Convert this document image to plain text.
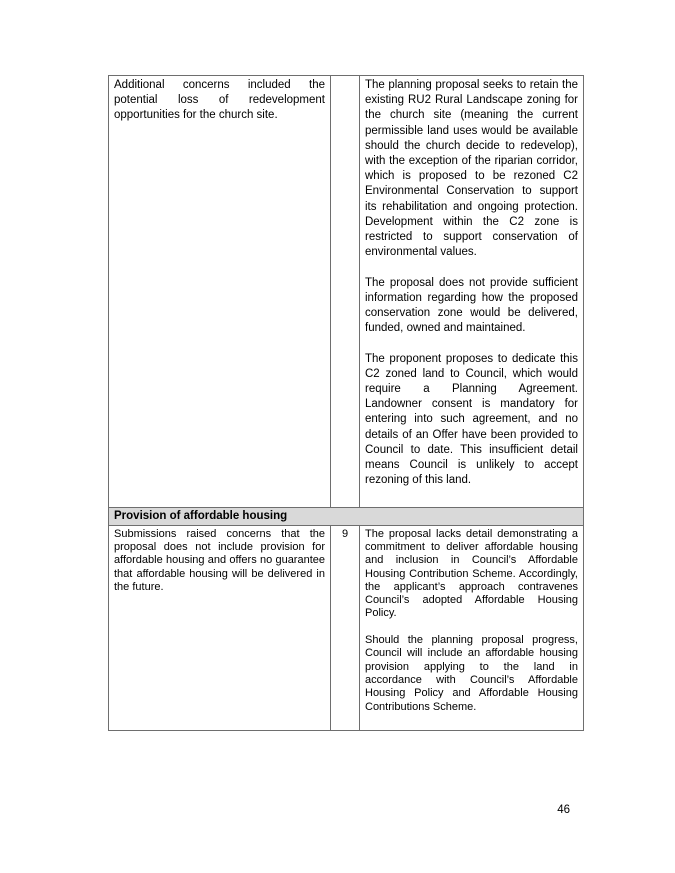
Additional concerns included the potential loss of redevelopment opportunities for the church site.		The planning proposal seeks to retain the existing RU2 Rural Landscape zoning for the church site (meaning the current permissible land uses would be available should the church decide to redevelop), with the exception of the riparian corridor, which is proposed to be rezoned C2 Environmental Conservation to support its rehabilitation and ongoing protection. Development within the C2 zone is restricted to support conservation of environmental values.

The proposal does not provide sufficient information regarding how the proposed conservation zone would be delivered, funded, owned and maintained.

The proponent proposes to dedicate this C2 zoned land to Council, which would require a Planning Agreement. Landowner consent is mandatory for entering into such agreement, and no details of an Offer have been provided to Council to date. This insufficient detail means Council is unlikely to accept rezoning of this land.

Provision of affordable housing		

Submissions raised concerns that the proposal does not include provision for affordable housing and offers no guarantee that affordable housing will be delivered in the future.	9	The proposal lacks detail demonstrating a commitment to deliver affordable housing and inclusion in Council’s Affordable Housing Contribution Scheme. Accordingly, the applicant’s approach contravenes Council’s adopted Affordable Housing Policy.

Should the planning proposal progress, Council will include an affordable housing provision applying to the land in accordance with Council’s Affordable Housing Policy and Affordable Housing Contributions Scheme.

46
